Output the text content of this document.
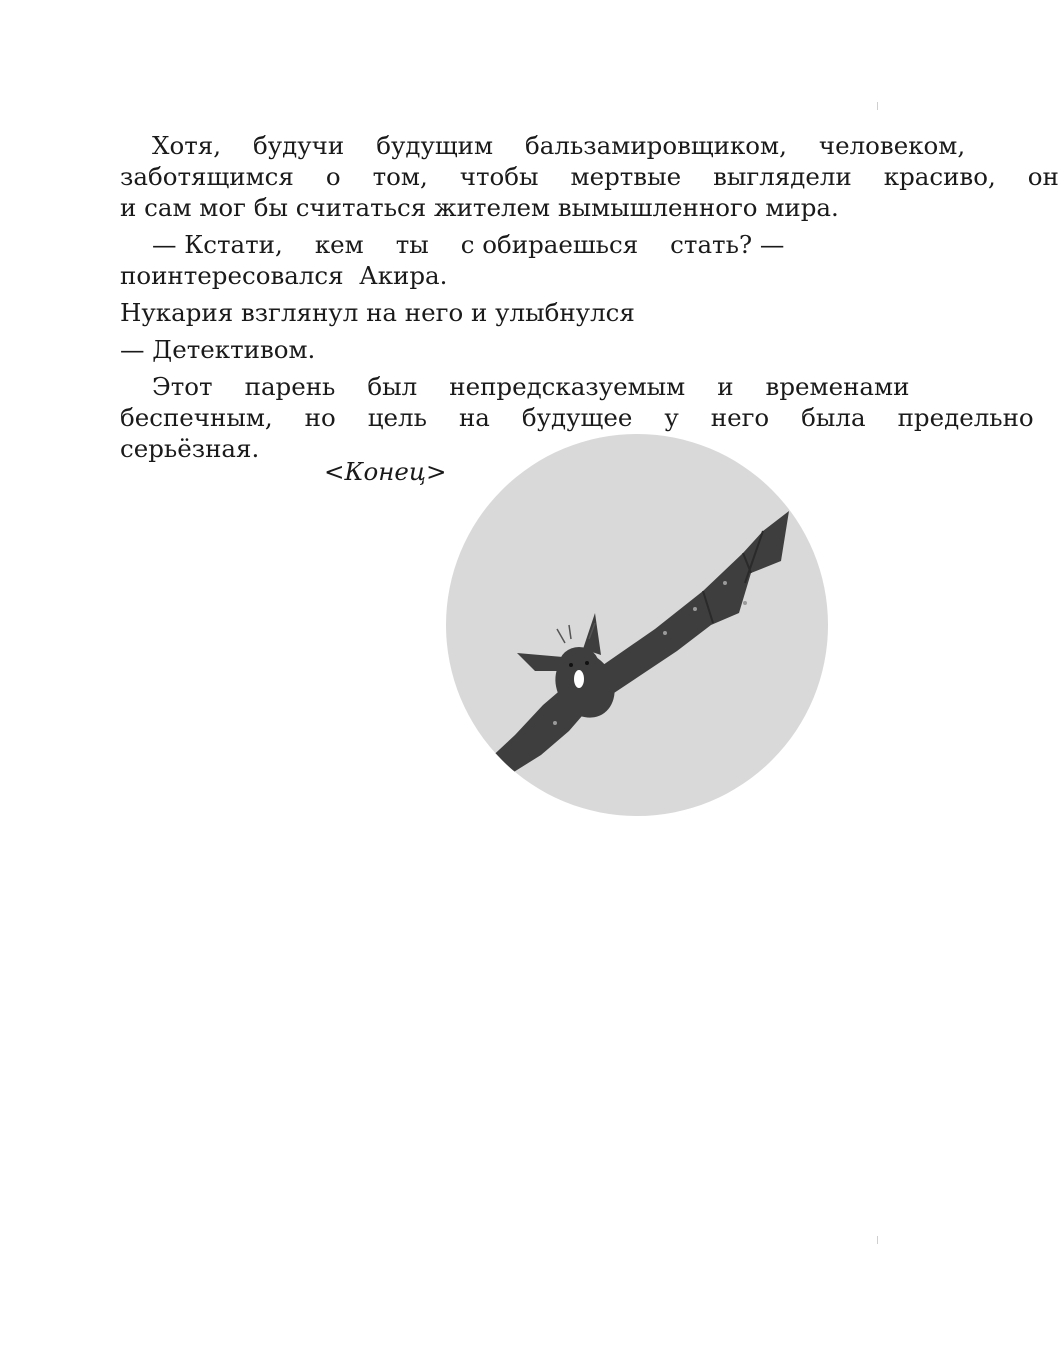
Хотя,	будучи	будущим	бальзамировщиком,	человеком,
заботящимся	о	том,	чтобы	мертвые	выглядели	красиво,	он
и сам мог бы считаться жителем вымышленного мира.

— Кстати,	кем	ты	с обираешься	стать? —
поинтересовался  Акира.

Нукария взглянул на него и улыбнулся

— Детективом.

Этот	парень	был	непредсказуемым	и	временами
беспечным,	но	цель	на	будущее	у	него	была	предельно
серьёзная.

<Конец>
